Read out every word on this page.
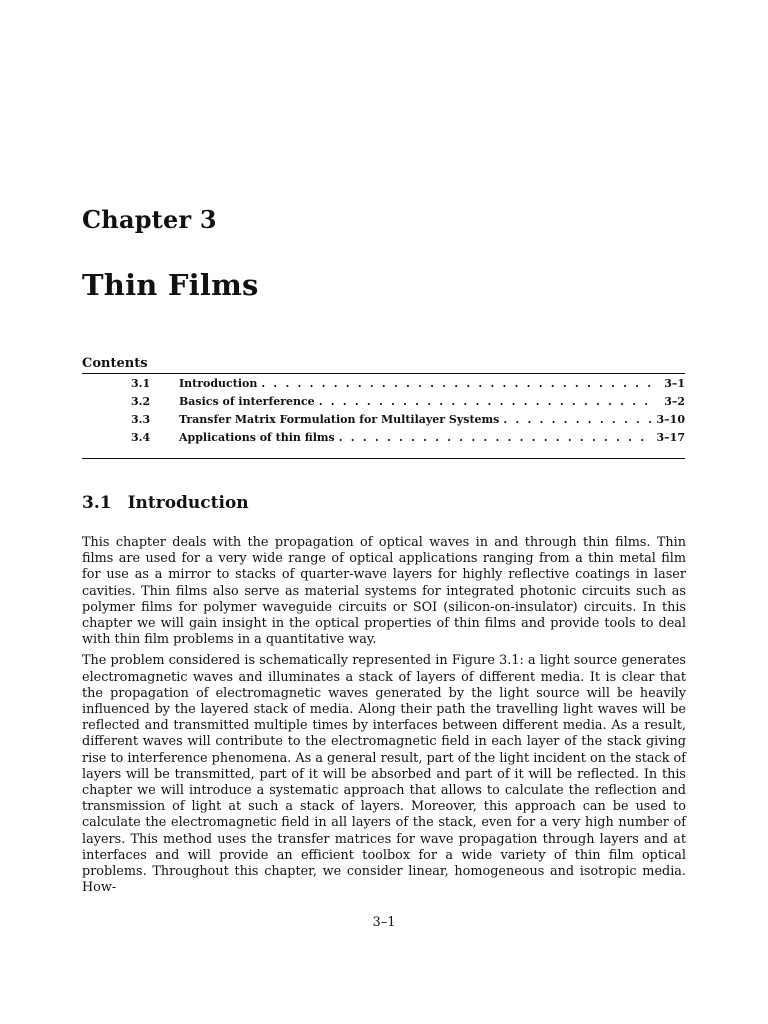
Chapter 3
Thin Films
Contents
3.1	Introduction . . .	3–1
3.2	Basics of interference . . .	3–2
3.3	Transfer Matrix Formulation for Multilayer Systems . . .	3–10
3.4	Applications of thin films . . .	3–17
3.1 Introduction

This chapter deals with the propagation of optical waves in and through thin films. Thin films are used for a very wide range of optical applications ranging from a thin metal film for use as a mirror to stacks of quarter-wave layers for highly reflective coatings in laser cavities. Thin films also serve as material systems for integrated photonic circuits such as polymer films for polymer waveguide circuits or SOI (silicon-on-insulator) circuits. In this chapter we will gain insight in the optical properties of thin films and provide tools to deal with thin film problems in a quantitative way.

The problem considered is schematically represented in Figure 3.1: a light source generates electromagnetic waves and illuminates a stack of layers of different media. It is clear that the propagation of electromagnetic waves generated by the light source will be heavily influenced by the layered stack of media. Along their path the travelling light waves will be reflected and transmitted multiple times by interfaces between different media. As a result, different waves will contribute to the electromagnetic field in each layer of the stack giving rise to interference phenomena. As a general result, part of the light incident on the stack of layers will be transmitted, part of it will be absorbed and part of it will be reflected. In this chapter we will introduce a systematic approach that allows to calculate the reflection and transmission of light at such a stack of layers. Moreover, this approach can be used to calculate the electromagnetic field in all layers of the stack, even for a very high number of layers. This method uses the transfer matrices for wave propagation through layers and at interfaces and will provide an efficient toolbox for a wide variety of thin film optical problems. Throughout this chapter, we consider linear, homogeneous and isotropic media. How-

3–1
